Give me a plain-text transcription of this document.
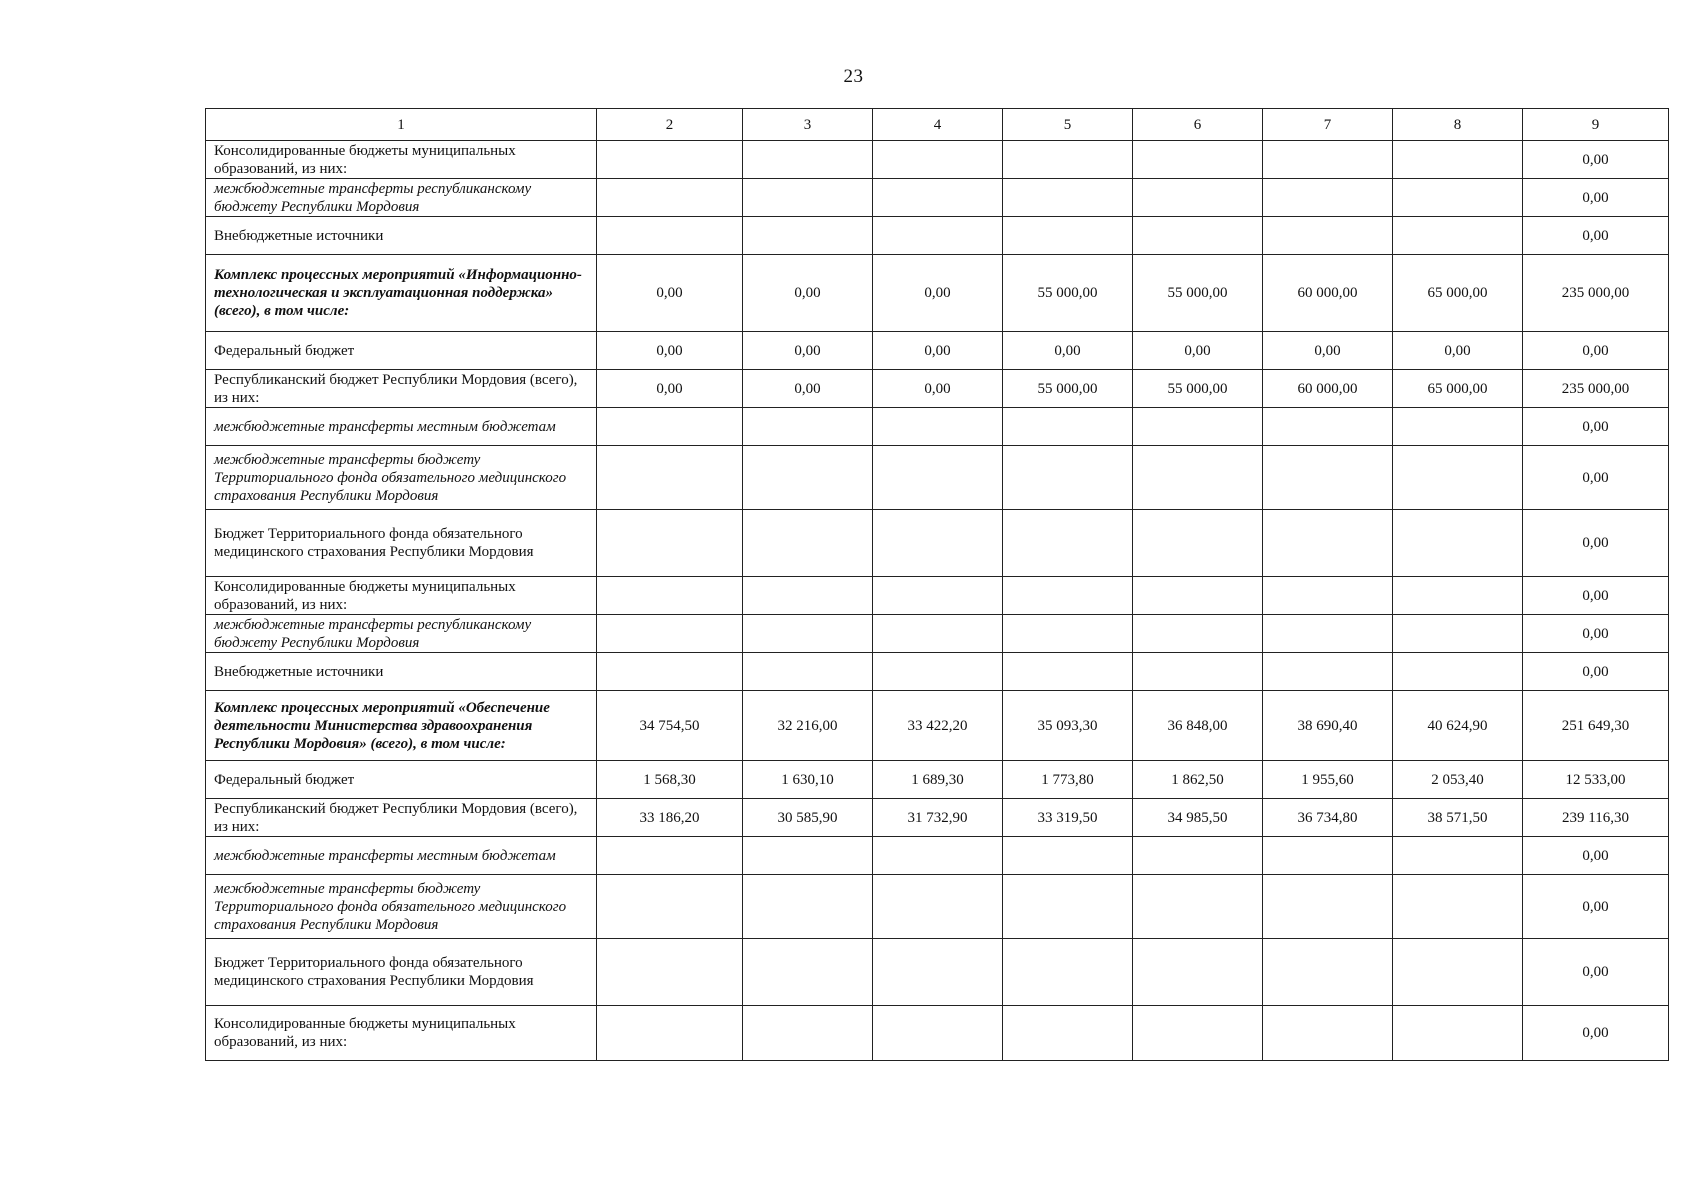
23
1	2	3	4	5	6	7	8	9
Консолидированные бюджеты муниципальных образований, из них:								0,00
межбюджетные трансферты республиканскому бюджету Республики Мордовия								0,00
Внебюджетные источники								0,00
Комплекс процессных мероприятий «Информационно-технологическая и эксплуатационная поддержка» (всего), в том числе:	0,00	0,00	0,00	55 000,00	55 000,00	60 000,00	65 000,00	235 000,00
Федеральный бюджет	0,00	0,00	0,00	0,00	0,00	0,00	0,00	0,00
Республиканский бюджет Республики Мордовия (всего), из них:	0,00	0,00	0,00	55 000,00	55 000,00	60 000,00	65 000,00	235 000,00
межбюджетные трансферты местным бюджетам								0,00
межбюджетные трансферты бюджету Территориального фонда обязательного медицинского страхования Республики Мордовия								0,00
Бюджет Территориального фонда обязательного медицинского страхования Республики Мордовия								0,00
Консолидированные бюджеты муниципальных образований, из них:								0,00
межбюджетные трансферты республиканскому бюджету Республики Мордовия								0,00
Внебюджетные источники								0,00
Комплекс процессных мероприятий «Обеспечение деятельности Министерства здравоохранения Республики Мордовия» (всего), в том числе:	34 754,50	32 216,00	33 422,20	35 093,30	36 848,00	38 690,40	40 624,90	251 649,30
Федеральный бюджет	1 568,30	1 630,10	1 689,30	1 773,80	1 862,50	1 955,60	2 053,40	12 533,00
Республиканский бюджет Республики Мордовия (всего), из них:	33 186,20	30 585,90	31 732,90	33 319,50	34 985,50	36 734,80	38 571,50	239 116,30
межбюджетные трансферты местным бюджетам								0,00
межбюджетные трансферты бюджету Территориального фонда обязательного медицинского страхования Республики Мордовия								0,00
Бюджет Территориального фонда обязательного медицинского страхования Республики Мордовия								0,00
Консолидированные бюджеты муниципальных образований, из них:								0,00
